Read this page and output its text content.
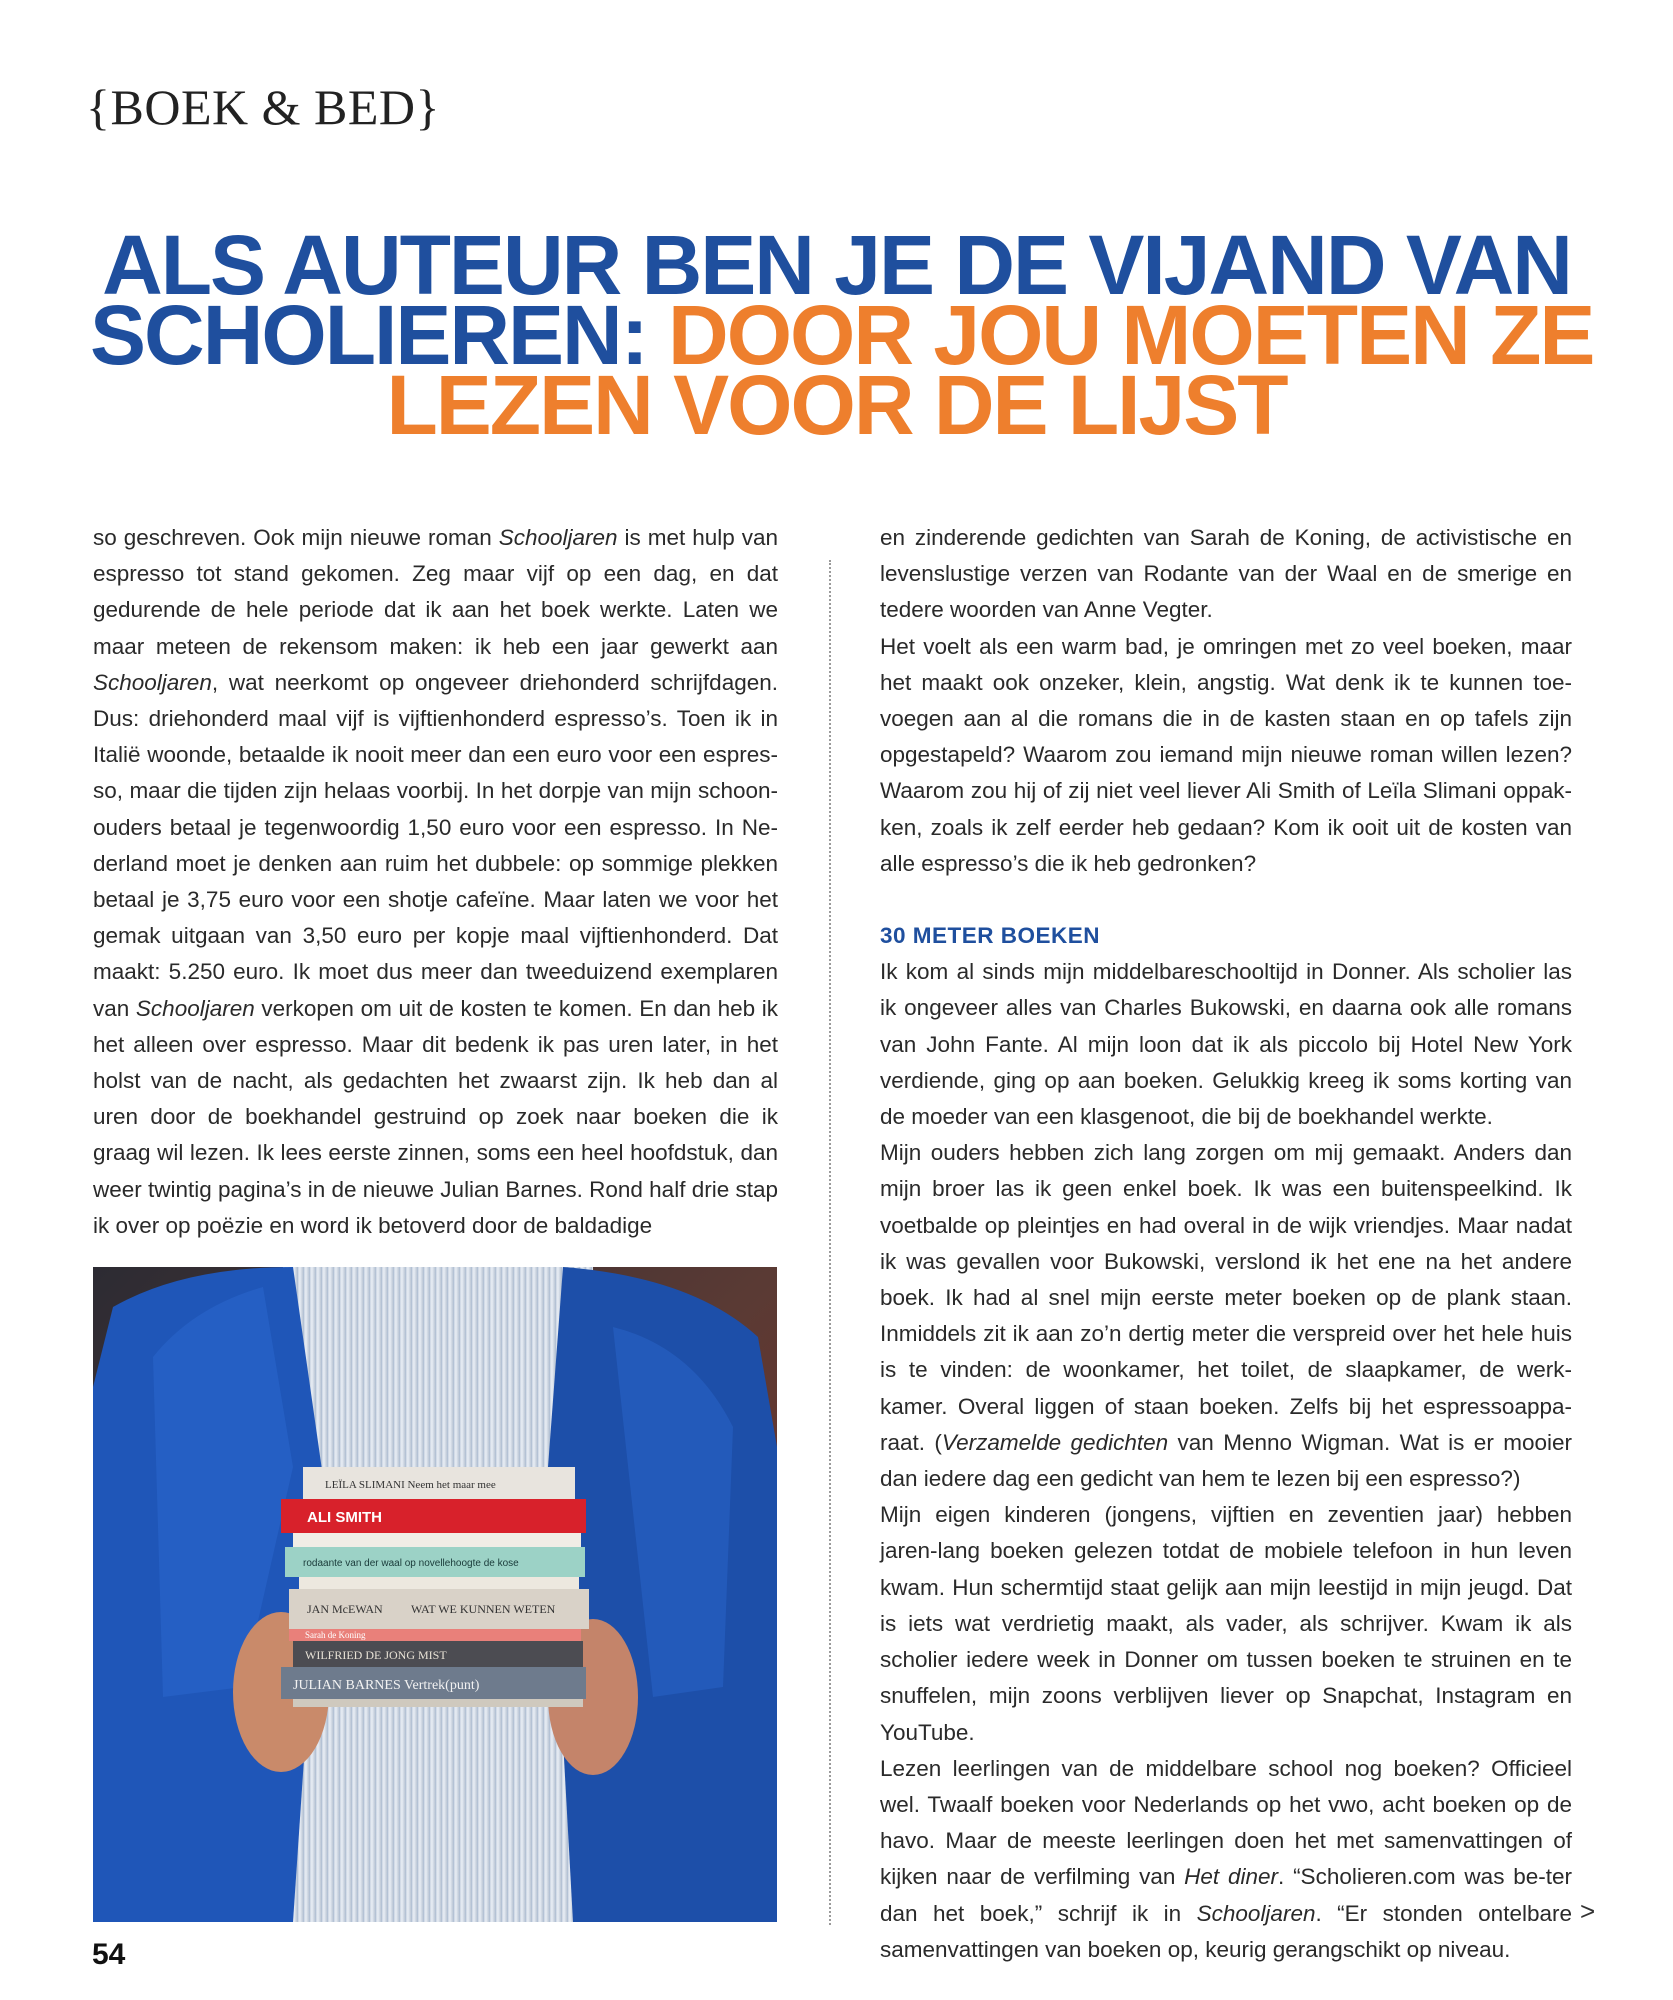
{BOEK & BED}
ALS AUTEUR BEN JE DE VIJAND VAN
SCHOLIEREN: DOOR JOU MOETEN ZE
LEZEN VOOR DE LIJST

so geschreven. Ook mijn nieuwe roman Schooljaren is met hulp van espresso tot stand gekomen. Zeg maar vijf op een dag, en dat gedurende de hele periode dat ik aan het boek werkte. Laten we maar meteen de rekensom maken: ik heb een jaar gewerkt aan Schooljaren, wat neerkomt op ongeveer driehonderd schrijfdagen. Dus: driehonderd maal vijf is vijftienhonderd espresso’s. Toen ik in Italië woonde, betaalde ik nooit meer dan een euro voor een espres-so, maar die tijden zijn helaas voorbij. In het dorpje van mijn schoon-ouders betaal je tegenwoordig 1,50 euro voor een espresso. In Ne-derland moet je denken aan ruim het dubbele: op sommige plekken betaal je 3,75 euro voor een shotje cafeïne. Maar laten we voor het gemak uitgaan van 3,50 euro per kopje maal vijftienhonderd. Dat maakt: 5.250 euro. Ik moet dus meer dan tweeduizend exemplaren van Schooljaren verkopen om uit de kosten te komen. En dan heb ik het alleen over espresso. Maar dit bedenk ik pas uren later, in het holst van de nacht, als gedachten het zwaarst zijn. Ik heb dan al uren door de boekhandel gestruind op zoek naar boeken die ik graag wil lezen. Ik lees eerste zinnen, soms een heel hoofdstuk, dan weer twintig pagina’s in de nieuwe Julian Barnes. Rond half drie stap ik over op poëzie en word ik betoverd door de baldadige

LEÏLA SLIMANI Neem het maar mee
ALI SMITH
rodaante van der waal op novellehoogte de kose
JAN McEWAN WAT WE KUNNEN WETEN
Sarah de Koning
WILFRIED DE JONG MIST
JULIAN BARNES Vertrek(punt)

en zinderende gedichten van Sarah de Koning, de activistische en levenslustige verzen van Rodante van der Waal en de smerige en tedere woorden van Anne Vegter.

Het voelt als een warm bad, je omringen met zo veel boeken, maar het maakt ook onzeker, klein, angstig. Wat denk ik te kunnen toe-voegen aan al die romans die in de kasten staan en op tafels zijn opgestapeld? Waarom zou iemand mijn nieuwe roman willen lezen? Waarom zou hij of zij niet veel liever Ali Smith of Leïla Slimani oppak-ken, zoals ik zelf eerder heb gedaan? Kom ik ooit uit de kosten van alle espresso’s die ik heb gedronken?

30 METER BOEKEN

Ik kom al sinds mijn middelbareschooltijd in Donner. Als scholier las ik ongeveer alles van Charles Bukowski, en daarna ook alle romans van John Fante. Al mijn loon dat ik als piccolo bij Hotel New York verdiende, ging op aan boeken. Gelukkig kreeg ik soms korting van de moeder van een klasgenoot, die bij de boekhandel werkte.

Mijn ouders hebben zich lang zorgen om mij gemaakt. Anders dan mijn broer las ik geen enkel boek. Ik was een buitenspeelkind. Ik voetbalde op pleintjes en had overal in de wijk vriendjes. Maar nadat ik was gevallen voor Bukowski, verslond ik het ene na het andere boek. Ik had al snel mijn eerste meter boeken op de plank staan. Inmiddels zit ik aan zo’n dertig meter die verspreid over het hele huis is te vinden: de woonkamer, het toilet, de slaapkamer, de werk-kamer. Overal liggen of staan boeken. Zelfs bij het espressoappa-raat. (Verzamelde gedichten van Menno Wigman. Wat is er mooier dan iedere dag een gedicht van hem te lezen bij een espresso?)

Mijn eigen kinderen (jongens, vijftien en zeventien jaar) hebben jaren-lang boeken gelezen totdat de mobiele telefoon in hun leven kwam. Hun schermtijd staat gelijk aan mijn leestijd in mijn jeugd. Dat is iets wat verdrietig maakt, als vader, als schrijver. Kwam ik als scholier iedere week in Donner om tussen boeken te struinen en te snuffelen, mijn zoons verblijven liever op Snapchat, Instagram en YouTube.

Lezen leerlingen van de middelbare school nog boeken? Officieel wel. Twaalf boeken voor Nederlands op het vwo, acht boeken op de havo. Maar de meeste leerlingen doen het met samenvattingen of kijken naar de verfilming van Het diner. “Scholieren.com was be-ter dan het boek,” schrijf ik in Schooljaren. “Er stonden ontelbare samenvattingen van boeken op, keurig gerangschikt op niveau.

>
54
